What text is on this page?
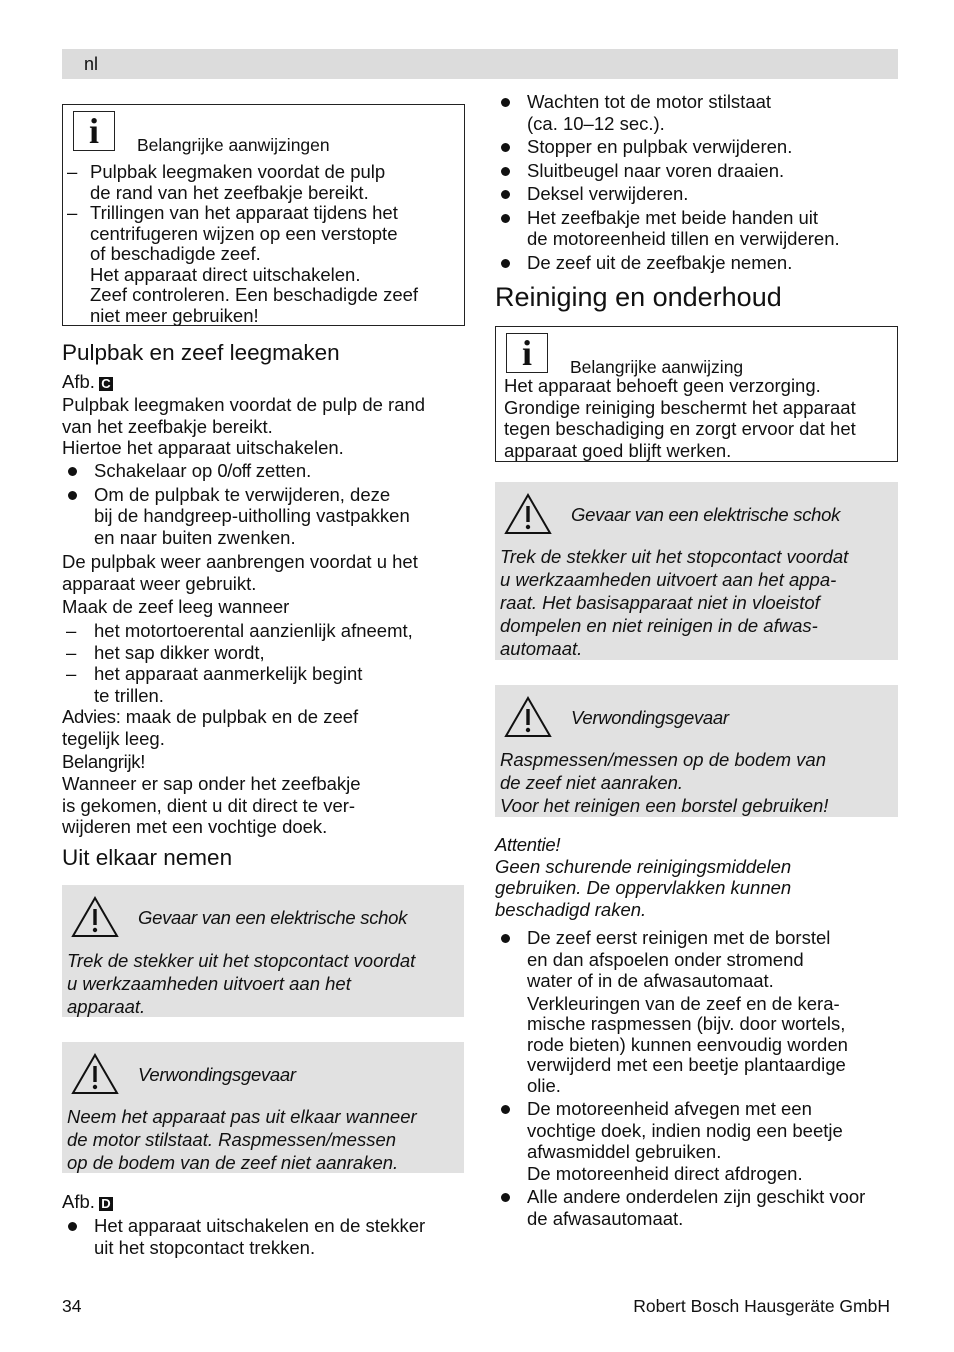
nl
i	Belangrijke aanwijzingen
– Pulpbak leegmaken voordat de pulp
de rand van het zeefbakje bereikt.
– Trillingen van het apparaat tijdens het
centrifugeren wijzen op een verstopte
of beschadigde zeef.
Het apparaat direct uitschakelen.
Zeef controleren. Een beschadigde zeef
niet meer gebruiken!
Pulpbak en zeef leegmaken
Afb. C
Pulpbak leegmaken voordat de pulp de rand
van het zeefbakje bereikt.
Hiertoe het apparaat uitschakelen.
Schakelaar op 0/off zetten.
Om de pulpbak te verwijderen, deze
bij de handgreep-uitholling vastpakken
en naar buiten zwenken.
De pulpbak weer aanbrengen voordat u het
apparaat weer gebruikt.
Maak de zeef leeg wanneer
– het motortoerental aanzienlijk afneemt,
– het sap dikker wordt,
– het apparaat aanmerkelijk begint
te trillen.
Advies: maak de pulpbak en de zeef
tegelijk leeg.
Belangrijk!
Wanneer er sap onder het zeefbakje
is gekomen, dient u dit direct te ver-
wijderen met een vochtige doek.
Uit elkaar nemen
Gevaar van een elektrische schok
Trek de stekker uit het stopcontact voordat
u werkzaamheden uitvoert aan het
apparaat.
Verwondingsgevaar
Neem het apparaat pas uit elkaar wanneer
de motor stilstaat. Raspmessen/messen
op de bodem van de zeef niet aanraken.
Afb. D
Het apparaat uitschakelen en de stekker
uit het stopcontact trekken.
Wachten tot de motor stilstaat
(ca. 10–12 sec.).
Stopper en pulpbak verwijderen.
Sluitbeugel naar voren draaien.
Deksel verwijderen.
Het zeefbakje met beide handen uit
de motoreenheid tillen en verwijderen.
De zeef uit de zeefbakje nemen.
Reiniging en onderhoud
i	Belangrijke aanwijzing
Het apparaat behoeft geen verzorging.
Grondige reiniging beschermt het apparaat
tegen beschadiging en zorgt ervoor dat het
apparaat goed blijft werken.
Gevaar van een elektrische schok
Trek de stekker uit het stopcontact voordat
u werkzaamheden uitvoert aan het appa-
raat. Het basisapparaat niet in vloeistof
dompelen en niet reinigen in de afwas-
automaat.
Verwondingsgevaar
Raspmessen/messen op de bodem van
de zeef niet aanraken.
Voor het reinigen een borstel gebruiken!
Attentie!
Geen schurende reinigingsmiddelen
gebruiken. De oppervlakken kunnen
beschadigd raken.
De zeef eerst reinigen met de borstel
en dan afspoelen onder stromend
water of in de afwasautomaat.
Verkleuringen van de zeef en de kera-
mische raspmessen (bijv. door wortels,
rode bieten) kunnen eenvoudig worden
verwijderd met een beetje plantaardige
olie.
De motoreenheid afvegen met een
vochtige doek, indien nodig een beetje
afwasmiddel gebruiken.
De motoreenheid direct afdrogen.
Alle andere onderdelen zijn geschikt voor
de afwasautomaat.
34	Robert Bosch Hausgeräte GmbH
